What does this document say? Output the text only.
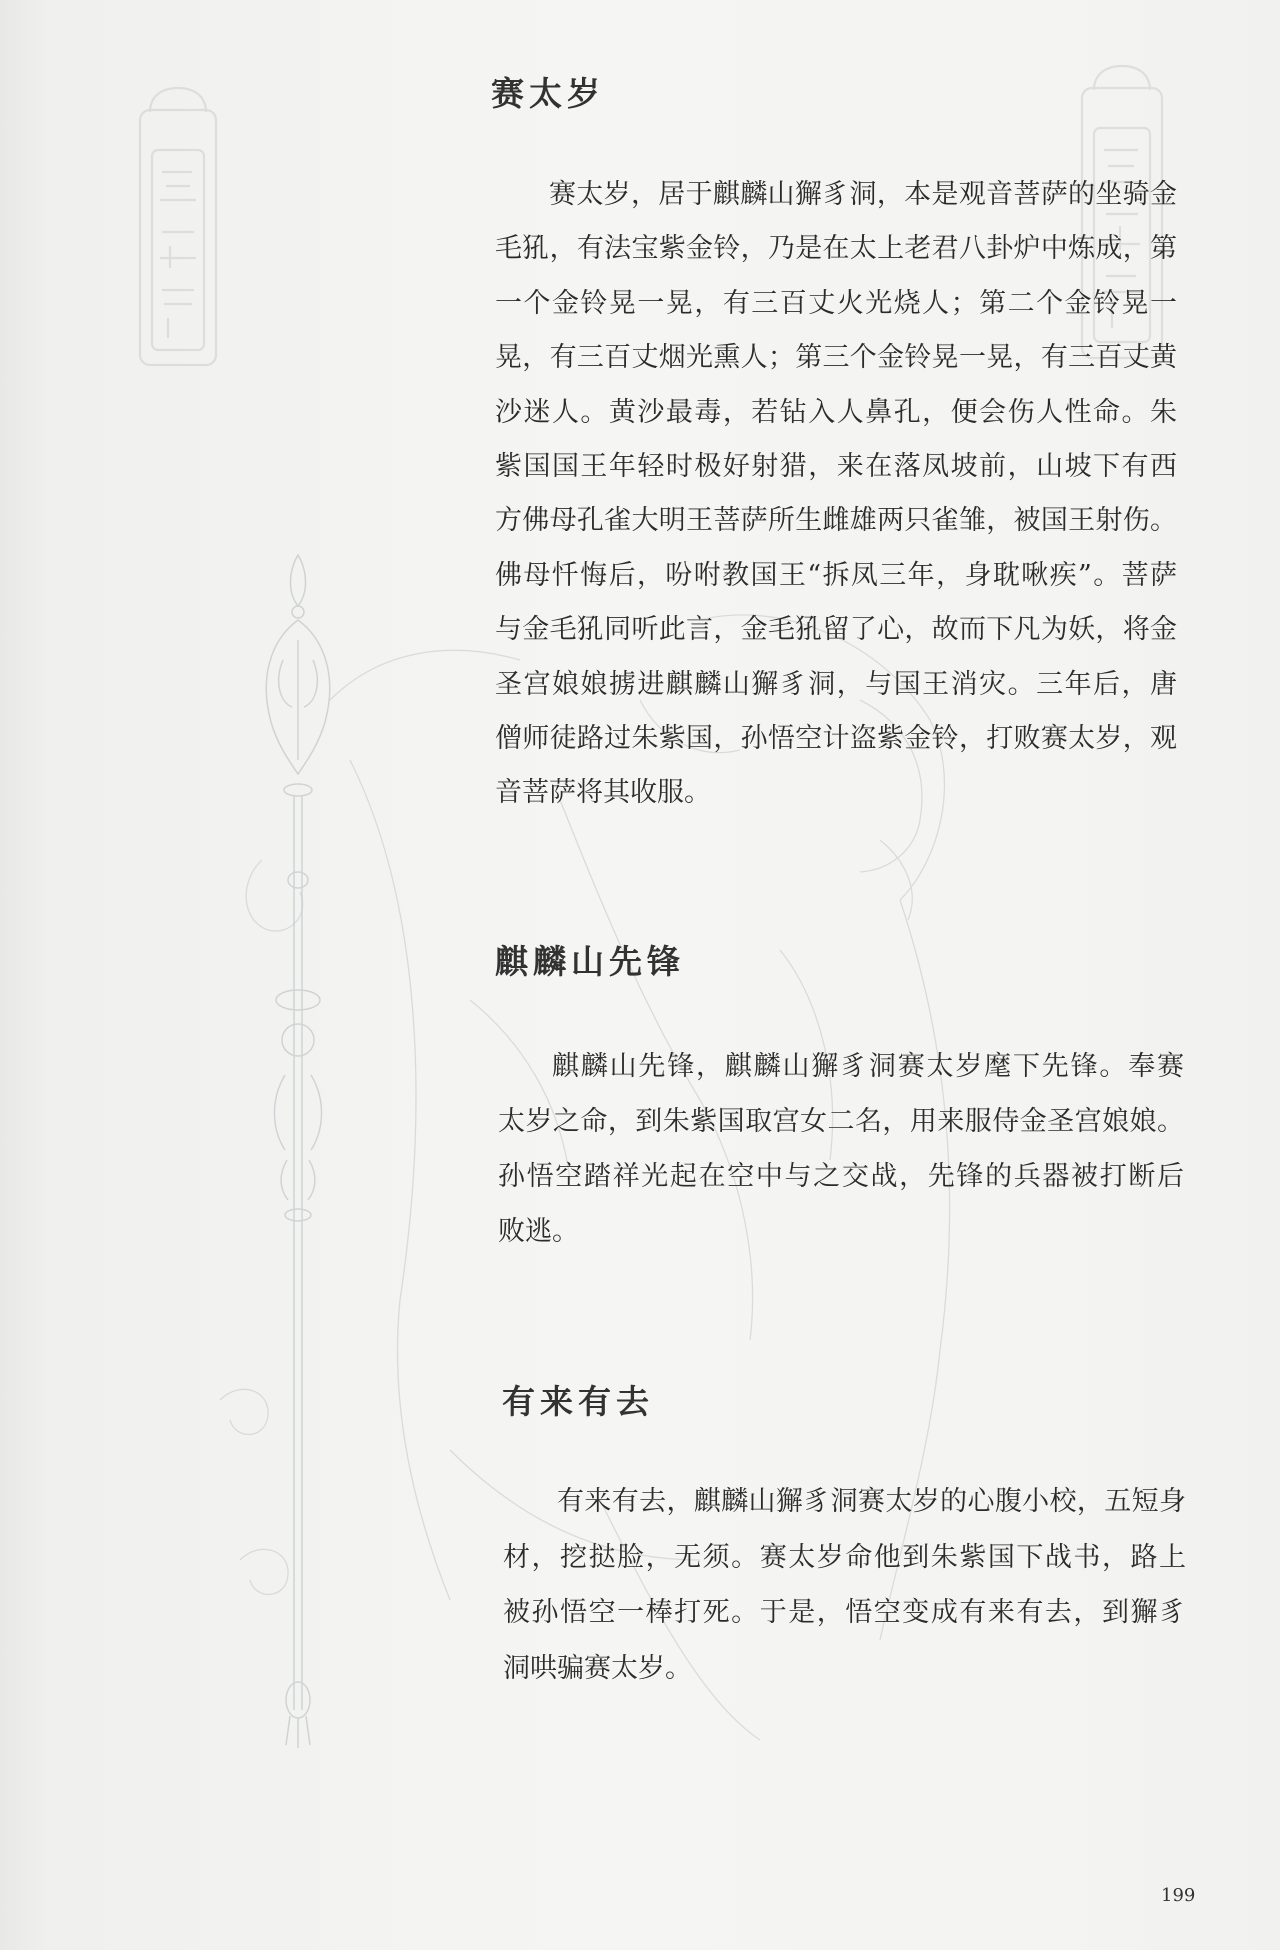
赛太岁
赛太岁，居于麒麟山獬豸洞，本是观音菩萨的坐骑金
毛犼，有法宝紫金铃，乃是在太上老君八卦炉中炼成，第
一个金铃晃一晃，有三百丈火光烧人；第二个金铃晃一
晃，有三百丈烟光熏人；第三个金铃晃一晃，有三百丈黄
沙迷人。黄沙最毒，若钻入人鼻孔，便会伤人性命。朱
紫国国王年轻时极好射猎，来在落凤坡前，山坡下有西
方佛母孔雀大明王菩萨所生雌雄两只雀雏，被国王射伤。
佛母忏悔后，吩咐教国王“拆凤三年，身耽啾疾”。菩萨
与金毛犼同听此言，金毛犼留了心，故而下凡为妖，将金
圣宫娘娘掳进麒麟山獬豸洞，与国王消灾。三年后，唐
僧师徒路过朱紫国，孙悟空计盗紫金铃，打败赛太岁，观
音菩萨将其收服。
麒麟山先锋
麒麟山先锋，麒麟山獬豸洞赛太岁麾下先锋。奉赛
太岁之命，到朱紫国取宫女二名，用来服侍金圣宫娘娘。
孙悟空踏祥光起在空中与之交战，先锋的兵器被打断后
败逃。
有来有去
有来有去，麒麟山獬豸洞赛太岁的心腹小校，五短身
材，挖挞脸，无须。赛太岁命他到朱紫国下战书，路上
被孙悟空一棒打死。于是，悟空变成有来有去，到獬豸
洞哄骗赛太岁。
199
